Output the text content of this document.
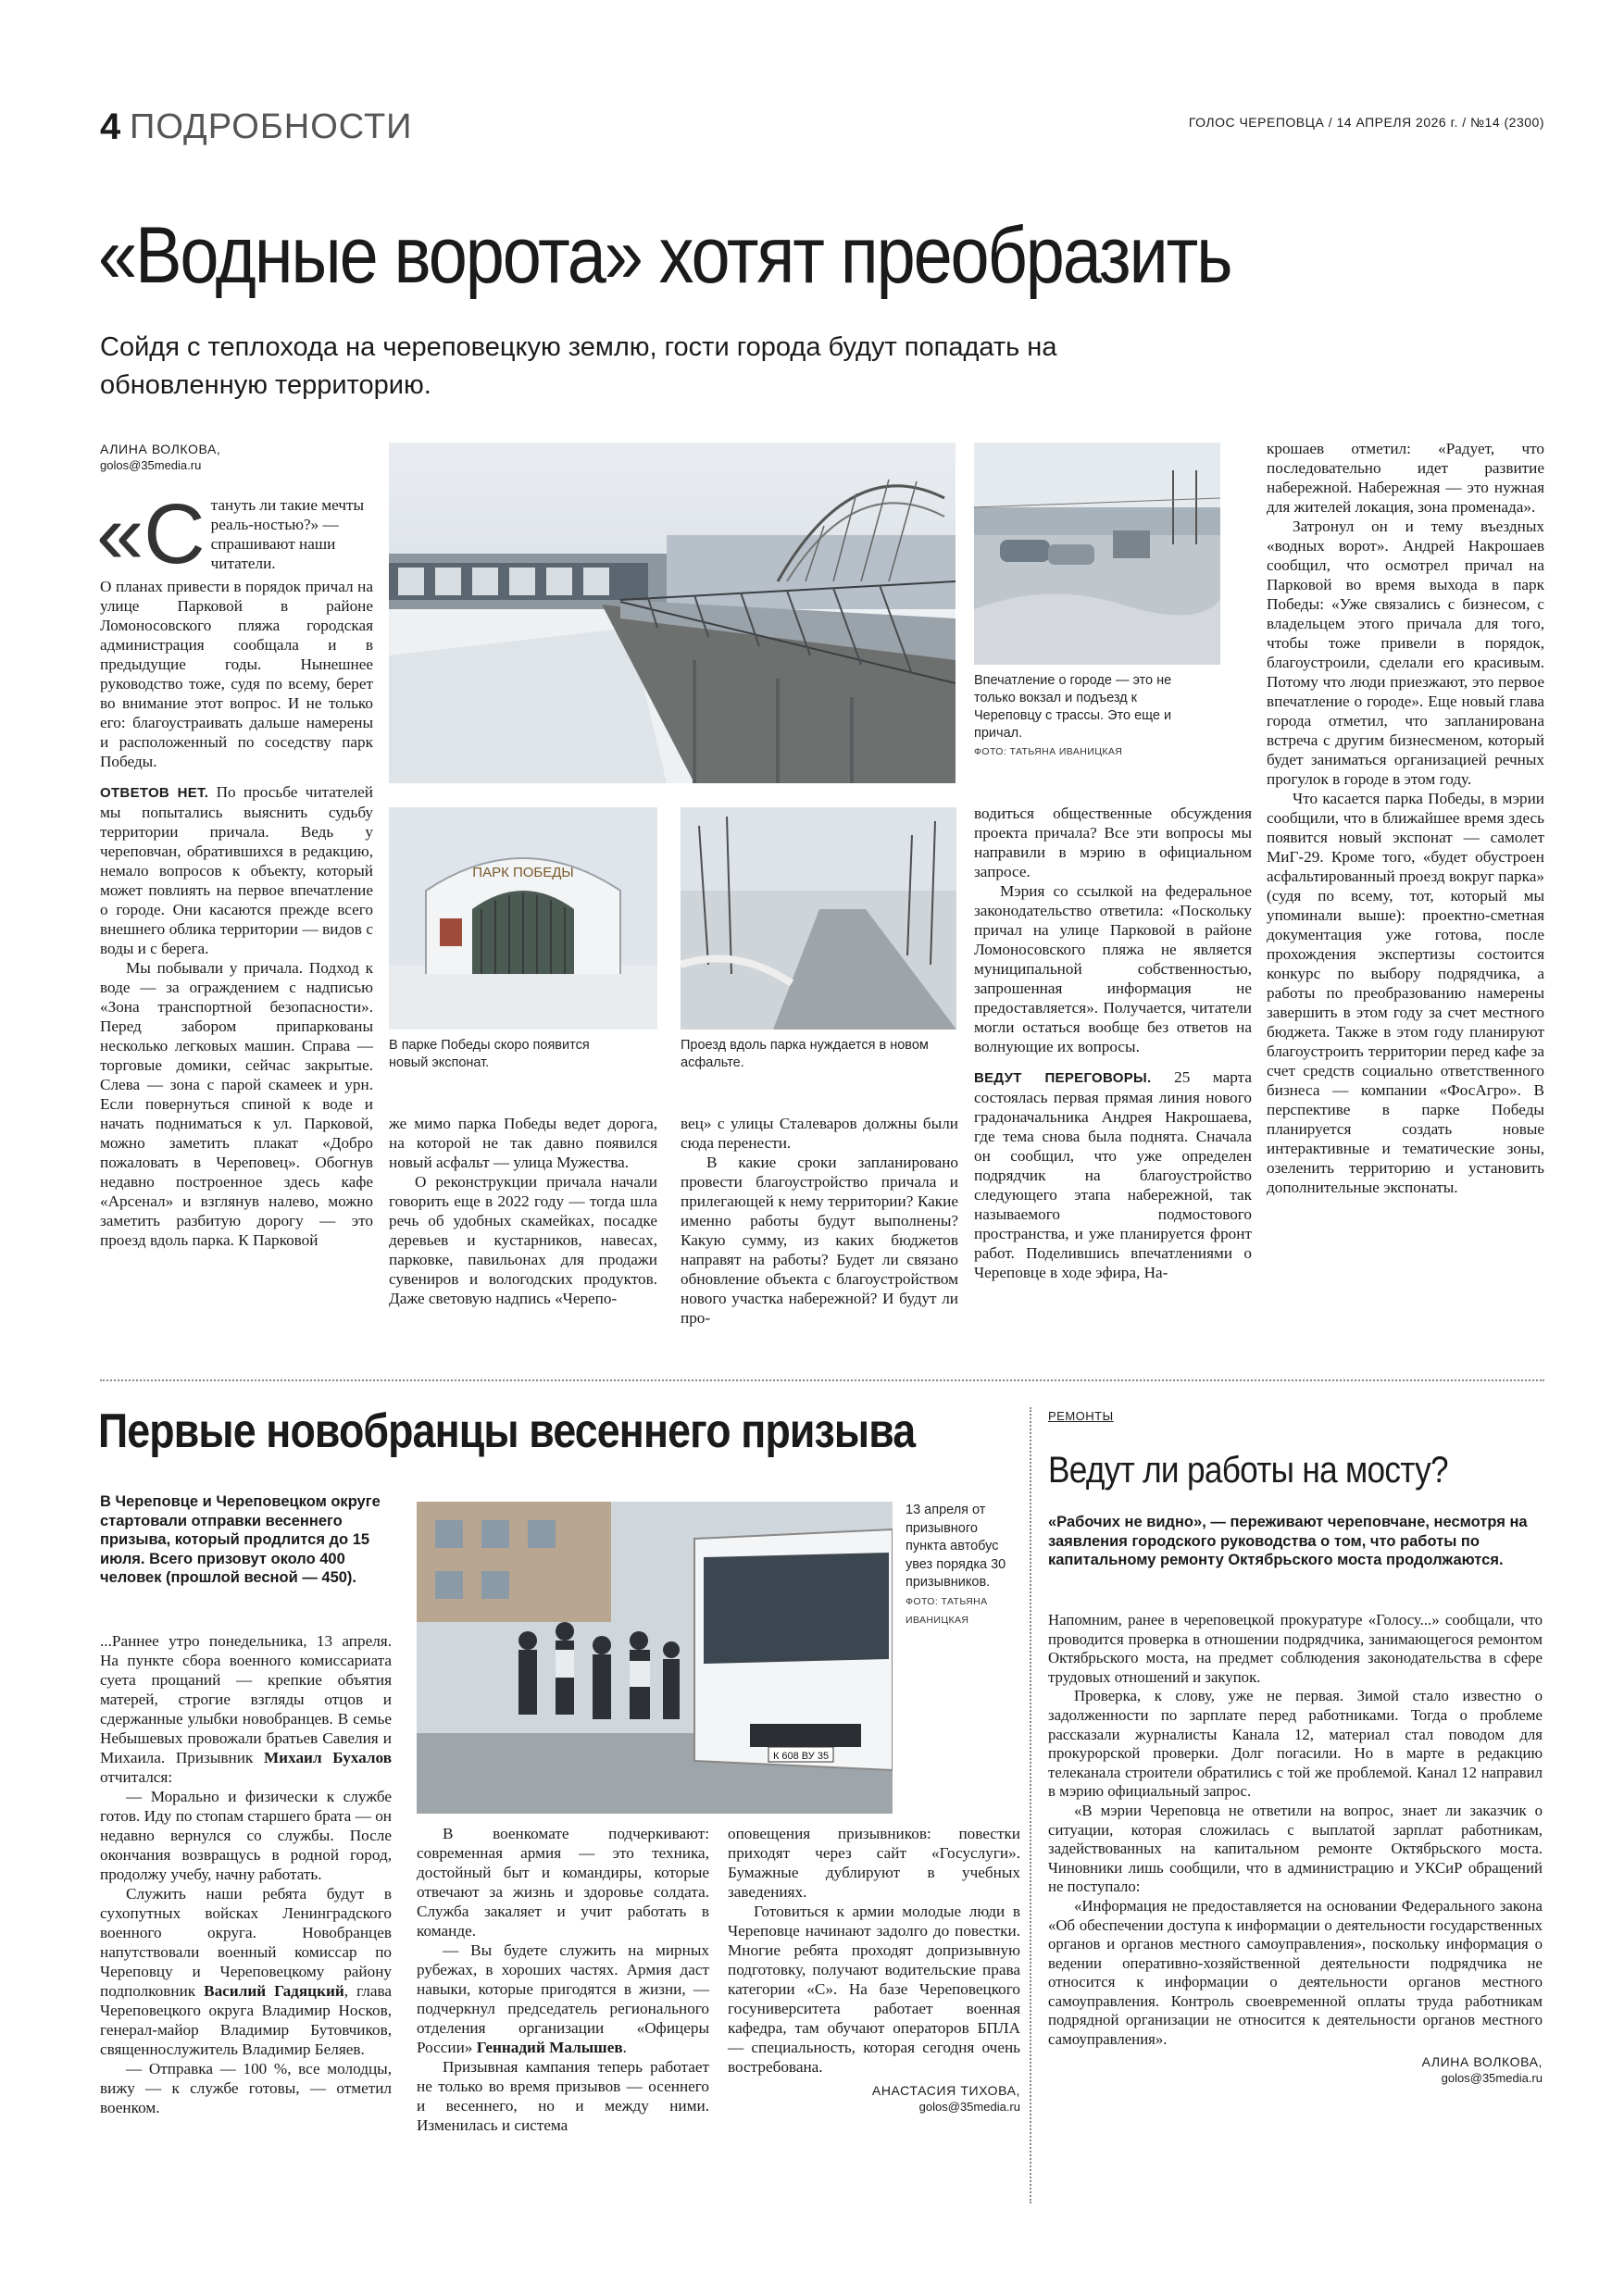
4 ПОДРОБНОСТИ	ГОЛОС ЧЕРЕПОВЦА / 14 АПРЕЛЯ 2026 г. / №14 (2300)
«Водные ворота» хотят преобразить
Сойдя с теплохода на череповецкую землю, гости города будут попадать на обновленную территорию.
АЛИНА ВОЛКОВА,
golos@35media.ru
«С тануть ли такие мечты реаль-ностью?» — спрашивают наши читатели.

О планах привести в порядок причал на улице Парковой в районе Ломоносовского пляжа городская администрация сообщала и в предыдущие годы. Нынешнее руководство тоже, судя по всему, берет во внимание этот вопрос. И не только его: благоустраивать дальше намерены и расположенный по соседству парк Победы.

ОТВЕТОВ НЕТ. По просьбе читателей мы попытались выяснить судьбу территории причала. Ведь у череповчан, обратившихся в редакцию, немало вопросов к объекту, который может повлиять на первое впечатление о городе. Они касаются прежде всего внешнего облика территории — видов с воды и с берега.

Мы побывали у причала. Подход к воде — за ограждением с надписью «Зона транспортной безопасности». Перед забором припаркованы несколько легковых машин. Справа — торговые домики, сейчас закрытые. Слева — зона с парой скамеек и урн. Если повернуться спиной к воде и начать подниматься к ул. Парковой, можно заметить плакат «Добро пожаловать в Череповец». Обогнув недавно построенное здесь кафе «Арсенал» и взглянув налево, можно заметить разбитую дорогу — это проезд вдоль парка. К Парковой

Впечатление о городе — это не только вокзал и подъезд к Череповцу с трассы. Это еще и причал.
ФОТО: ТАТЬЯНА ИВАНИЦКАЯ
ПАРК ПОБЕДЫ
В парке Победы скоро появится новый экспонат.
Проезд вдоль парка нуждается в новом асфальте.

же мимо парка Победы ведет дорога, на которой не так давно появился новый асфальт — улица Мужества.

О реконструкции причала начали говорить еще в 2022 году — тогда шла речь об удобных скамейках, посадке деревьев и кустарников, навесах, парковке, павильонах для продажи сувениров и вологодских продуктов. Даже световую надпись «Черепо-

вец» с улицы Сталеваров должны были сюда перенести.

В какие сроки запланировано провести благоустройство причала и прилегающей к нему территории? Какие именно работы будут выполнены? Какую сумму, из каких бюджетов направят на работы? Будет ли связано обновление объекта с благоустройством нового участка набережной? И будут ли про-

водиться общественные обсуждения проекта причала? Все эти вопросы мы направили в мэрию в официальном запросе.

Мэрия со ссылкой на федеральное законодательство ответила: «Поскольку причал на улице Парковой в районе Ломоносовского пляжа не является муниципальной собственностью, запрошенная информация не предоставляется». Получается, читатели могли остаться вообще без ответов на волнующие их вопросы.

ВЕДУТ ПЕРЕГОВОРЫ. 25 марта состоялась первая прямая линия нового градоначальника Андрея Накрошаева, где тема снова была поднята. Сначала он сообщил, что уже определен подрядчик на благоустройство следующего этапа набережной, так называемого подмостового пространства, и уже планируется фронт работ. Поделившись впечатлениями о Череповце в ходе эфира, На-

крошаев отметил: «Радует, что последовательно идет развитие набережной. Набережная — это нужная для жителей локация, зона променада».

Затронул он и тему въездных «водных ворот». Андрей Накрошаев сообщил, что осмотрел причал на Парковой во время выхода в парк Победы: «Уже связались с бизнесом, с владельцем этого причала для того, чтобы тоже привели в порядок, благоустроили, сделали его красивым. Потому что люди приезжают, это первое впечатление о городе». Еще новый глава города отметил, что запланирована встреча с другим бизнесменом, который будет заниматься организацией речных прогулок в городе в этом году.

Что касается парка Победы, в мэрии сообщили, что в ближайшее время здесь появится новый экспонат — самолет МиГ-29. Кроме того, «будет обустроен асфальтированный проезд вокруг парка» (судя по всему, тот, который мы упоминали выше): проектно-сметная документация уже готова, после прохождения экспертизы состоится конкурс по выбору подрядчика, а работы по преобразованию намерены завершить в этом году за счет местного бюджета. Также в этом году планируют благоустроить территории перед кафе за счет средств социально ответственного бизнеса — компании «ФосАгро». В перспективе в парке Победы планируется создать новые интерактивные и тематические зоны, озеленить территорию и установить дополнительные экспонаты.

Первые новобранцы весеннего призыва
В Череповце и Череповецком округе стартовали отправки весеннего призыва, который продлится до 15 июля. Всего призовут около 400 человек (прошлой весной — 450).
К 608 ВУ 35
13 апреля от призывного пункта автобус увез порядка 30 призывников. ФОТО: ТАТЬЯНА ИВАНИЦКАЯ

...Раннее утро понедельника, 13 апреля. На пункте сбора военного комиссариата суета прощаний — крепкие объятия матерей, строгие взгляды отцов и сдержанные улыбки новобранцев. В семье Небышевых провожали братьев Савелия и Михаила. Призывник Михаил Бухалов отчитался:

— Морально и физически к службе готов. Иду по стопам старшего брата — он недавно вернулся со службы. После окончания возвращусь в родной город, продолжу учебу, начну работать.

Служить наши ребята будут в сухопутных войсках Ленинградского военного округа. Новобранцев напутствовали военный комиссар по Череповцу и Череповецкому району подполковник Василий Гадяцкий, глава Череповецкого округа Владимир Носков, генерал-майор Владимир Бутовчиков, священнослужитель Владимир Беляев.

— Отправка — 100 %, все молодцы, вижу — к службе готовы, — отметил военком.

В военкомате подчеркивают: современная армия — это техника, достойный быт и командиры, которые отвечают за жизнь и здоровье солдата. Служба закаляет и учит работать в команде.

— Вы будете служить на мирных рубежах, в хороших частях. Армия даст навыки, которые пригодятся в жизни, — подчеркнул председатель регионального отделения организации «Офицеры России» Геннадий Малышев.

Призывная кампания теперь работает не только во время призывов — осеннего и весеннего, но и между ними. Изменилась и система

оповещения призывников: повестки приходят через сайт «Госуслуги». Бумажные дублируют в учебных заведениях.

Готовиться к армии молодые люди в Череповце начинают задолго до повестки. Многие ребята проходят допризывную подготовку, получают водительские права категории «С». На базе Череповецкого госуниверситета работает военная кафедра, там обучают операторов БПЛА — специальность, которая сегодня очень востребована.

АНАСТАСИЯ ТИХОВА,
golos@35media.ru
РЕМОНТЫ
Ведут ли работы на мосту?
«Рабочих не видно», — переживают череповчане, несмотря на заявления городского руководства о том, что работы по капитальному ремонту Октябрьского моста продолжаются.

Напомним, ранее в череповецкой прокуратуре «Голосу...» сообщали, что проводится проверка в отношении подрядчика, занимающегося ремонтом Октябрьского моста, на предмет соблюдения законодательства в сфере трудовых отношений и закупок.

Проверка, к слову, уже не первая. Зимой стало известно о задолженности по зарплате перед работниками. Тогда о проблеме рассказали журналисты Канала 12, материал стал поводом для прокурорской проверки. Долг погасили. Но в марте в редакцию телеканала строители обратились с той же проблемой. Канал 12 направил в мэрию официальный запрос.

«В мэрии Череповца не ответили на вопрос, знает ли заказчик о ситуации, которая сложилась с выплатой зарплат работникам, задействованных на капитальном ремонте Октябрьского моста. Чиновники лишь сообщили, что в администрацию и УКСиР обращений не поступало:

«Информация не предоставляется на основании Федерального закона «Об обеспечении доступа к информации о деятельности государственных органов и органов местного самоуправления», поскольку информация о ведении оперативно-хозяйственной деятельности подрядчика не относится к информации о деятельности органов местного самоуправления. Контроль своевременной оплаты труда работникам подрядной организации не относится к деятельности органов местного самоуправления».

АЛИНА ВОЛКОВА,
golos@35media.ru
